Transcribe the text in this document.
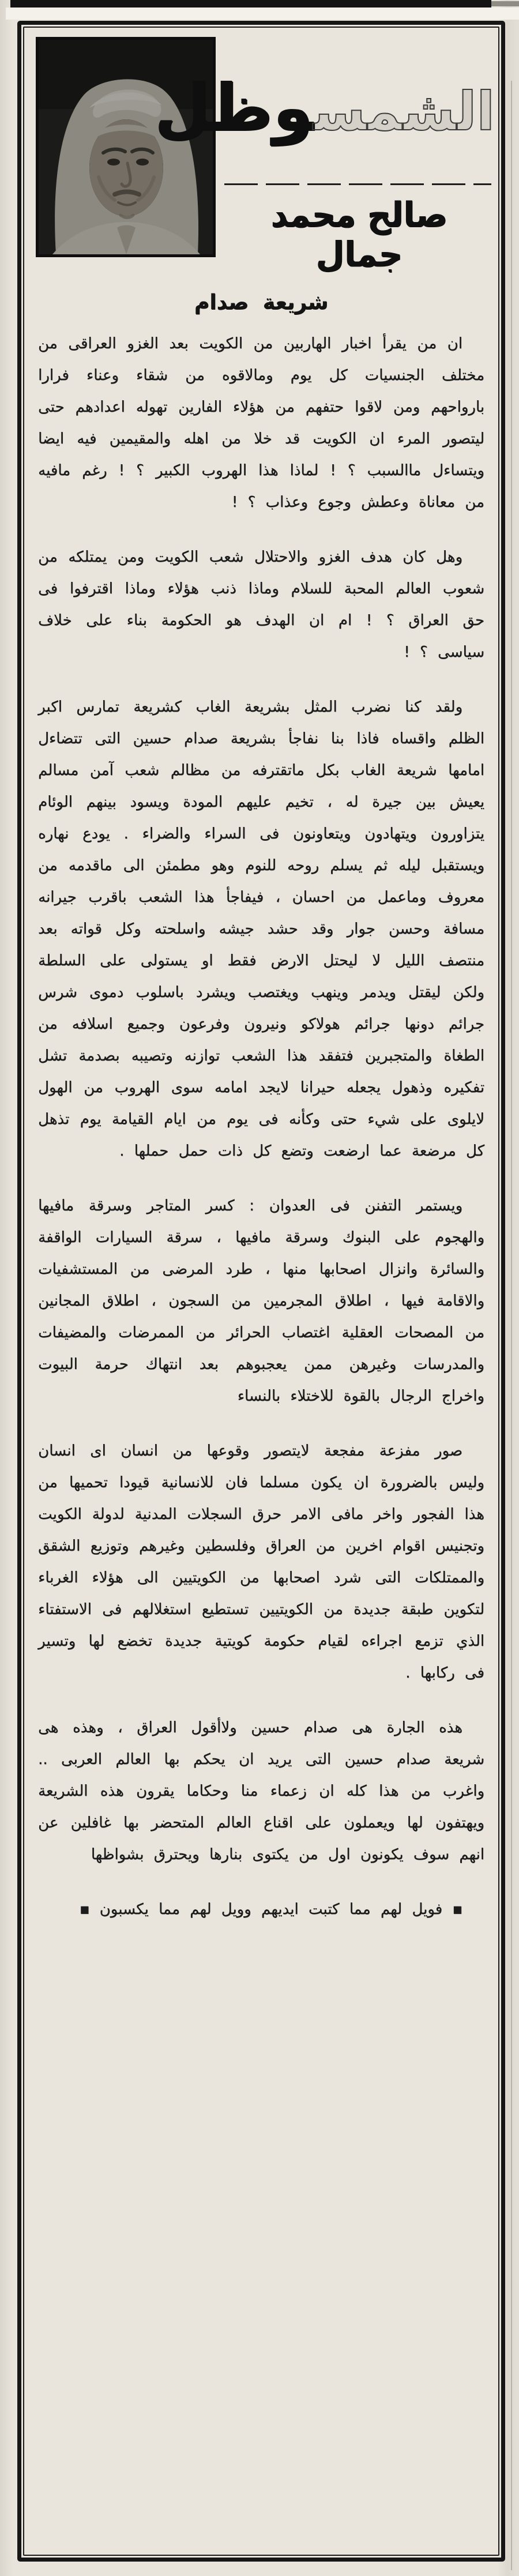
الشمسوظل
صالح محمد جمال
شريعة صدام

ان من يقرأ اخبار الهاربين من الكويت بعد الغزو العراقى من مختلف الجنسيات كل يوم ومالاقوه من شقاء وعناء فرارا بارواحهم ومن لاقوا حتفهم من هؤلاء الفارين تهوله اعدادهم حتى ليتصور المرء ان الكويت قد خلا من اهله والمقيمين فيه ايضا ويتساءل ماالسبب ؟ ! لماذا هذا الهروب الكبير ؟ ! رغم مافيه من معاناة وعطش وجوع وعذاب ؟ !

وهل كان هدف الغزو والاحتلال شعب الكويت ومن يمتلكه من شعوب العالم المحبة للسلام وماذا ذنب هؤلاء وماذا اقترفوا فى حق العراق ؟ ! ام ان الهدف هو الحكومة بناء على خلاف سياسى ؟ !

ولقد كنا نضرب المثل بشريعة الغاب كشريعة تمارس اكبر الظلم واقساه فاذا بنا نفاجأ بشريعة صدام حسين التى تتضاءل امامها شريعة الغاب بكل ماتقترفه من مظالم شعب آمن مسالم يعيش بين جيرة له ، تخيم عليهم المودة ويسود بينهم الوئام يتزاورون ويتهادون ويتعاونون فى السراء والضراء . يودع نهاره ويستقبل ليله ثم يسلم روحه للنوم وهو مطمئن الى ماقدمه من معروف وماعمل من احسان ، فيفاجأ هذا الشعب باقرب جيرانه مسافة وحسن جوار وقد حشد جيشه واسلحته وكل قواته بعد منتصف الليل لا ليحتل الارض فقط او يستولى على السلطة ولكن ليقتل ويدمر وينهب ويغتصب ويشرد باسلوب دموى شرس جرائم دونها جرائم هولاكو ونيرون وفرعون وجميع اسلافه من الطغاة والمتجبرين فتفقد هذا الشعب توازنه وتصيبه بصدمة تشل تفكيره وذهول يجعله حيرانا لايجد امامه سوى الهروب من الهول لايلوى على شيء حتى وكأنه فى يوم من ايام القيامة يوم تذهل كل مرضعة عما ارضعت وتضع كل ذات حمل حملها .

ويستمر التفنن فى العدوان : كسر المتاجر وسرقة مافيها والهجوم على البنوك وسرقة مافيها ، سرقة السيارات الواقفة والسائرة وانزال اصحابها منها ، طرد المرضى من المستشفيات والاقامة فيها ، اطلاق المجرمين من السجون ، اطلاق المجانين من المصحات العقلية اغتصاب الحرائر من الممرضات والمضيفات والمدرسات وغيرهن ممن يعجبوهم بعد انتهاك حرمة البيوت واخراج الرجال بالقوة للاختلاء بالنساء

صور مفزعة مفجعة لايتصور وقوعها من انسان اى انسان وليس بالضرورة ان يكون مسلما فان للانسانية قيودا تحميها من هذا الفجور واخر مافى الامر حرق السجلات المدنية لدولة الكويت وتجنيس اقوام اخرين من العراق وفلسطين وغيرهم وتوزيع الشقق والممتلكات التى شرد اصحابها من الكويتيين الى هؤلاء الغرباء لتكوين طبقة جديدة من الكويتيين تستطيع استغلالهم فى الاستفتاء الذي تزمع اجراءه لقيام حكومة كويتية جديدة تخضع لها وتسير فى ركابها .

هذه الجارة هى صدام حسين ولاأقول العراق ، وهذه هى شريعة صدام حسين التى يريد ان يحكم بها العالم العربى .. واغرب من هذا كله ان زعماء منا وحكاما يقرون هذه الشريعة ويهتفون لها ويعملون على اقناع العالم المتحضر بها غافلين عن انهم سوف يكونون اول من يكتوى بنارها ويحترق بشواظها

▪ فويل لهم مما كتبت ايديهم وويل لهم مما يكسبون ▪
